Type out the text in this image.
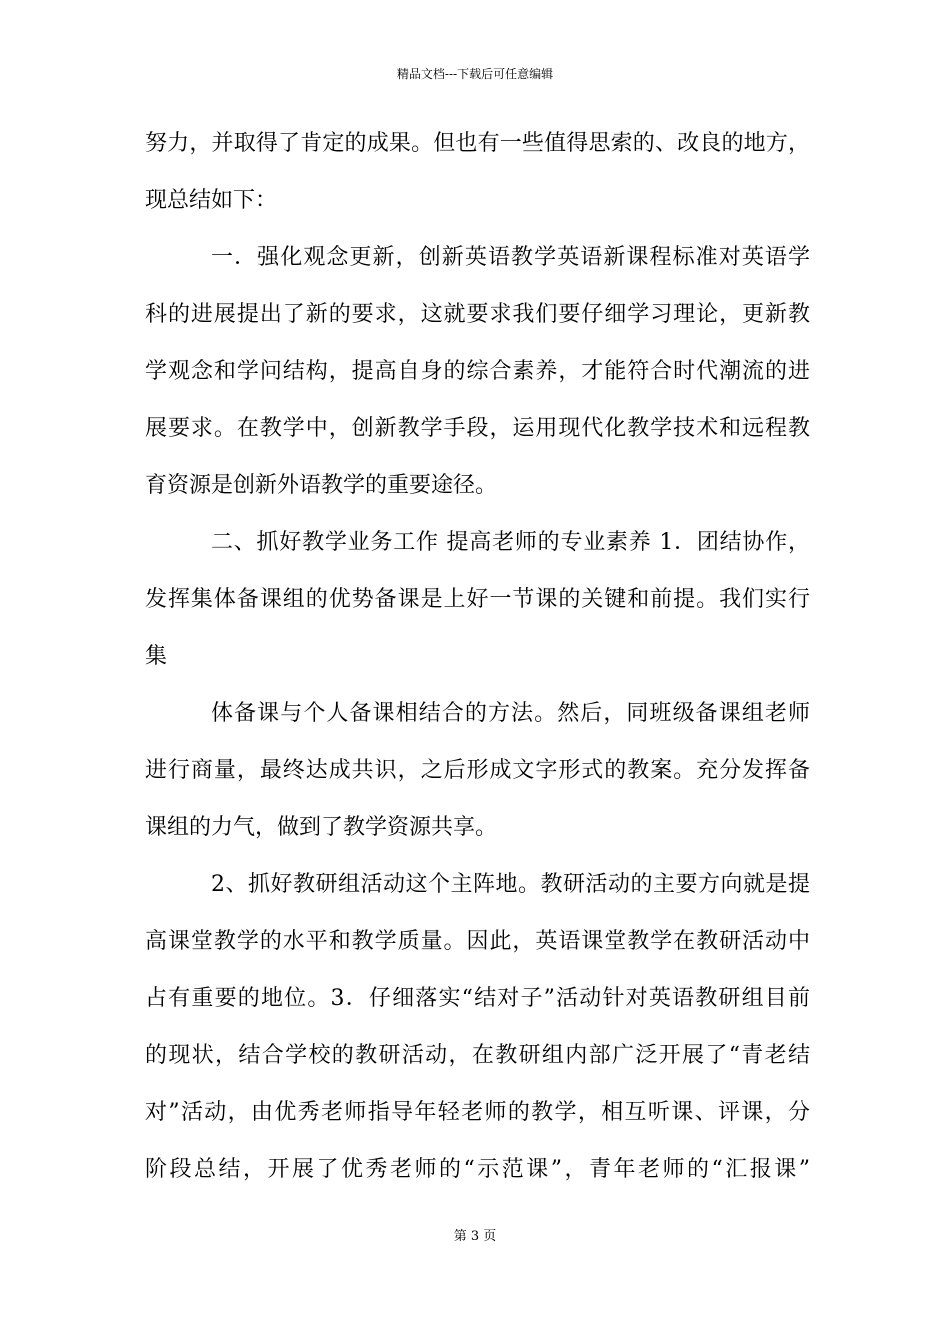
精品文档---下载后可任意编辑
努力，并取得了肯定的成果。但也有一些值得思索的、改良的地方，
现总结如下：
一．强化观念更新，创新英语教学英语新课程标准对英语学
科的进展提出了新的要求，这就要求我们要仔细学习理论，更新教
学观念和学问结构，提高自身的综合素养，才能符合时代潮流的进
展要求。在教学中，创新教学手段，运用现代化教学技术和远程教
育资源是创新外语教学的重要途径。
二、抓好教学业务工作 提高老师的专业素养 1．团结协作，
发挥集体备课组的优势备课是上好一节课的关键和前提。我们实行
集
体备课与个人备课相结合的方法。然后，同班级备课组老师
进行商量，最终达成共识，之后形成文字形式的教案。充分发挥备
课组的力气，做到了教学资源共享。
2、抓好教研组活动这个主阵地。教研活动的主要方向就是提
高课堂教学的水平和教学质量。因此，英语课堂教学在教研活动中
占有重要的地位。3．仔细落实“结对子”活动针对英语教研组目前
的现状，结合学校的教研活动，在教研组内部广泛开展了“青老结
对”活动，由优秀老师指导年轻老师的教学，相互听课、评课，分
阶段总结，开展了优秀老师的“示范课”，青年老师的“汇报课”
第 3 页
